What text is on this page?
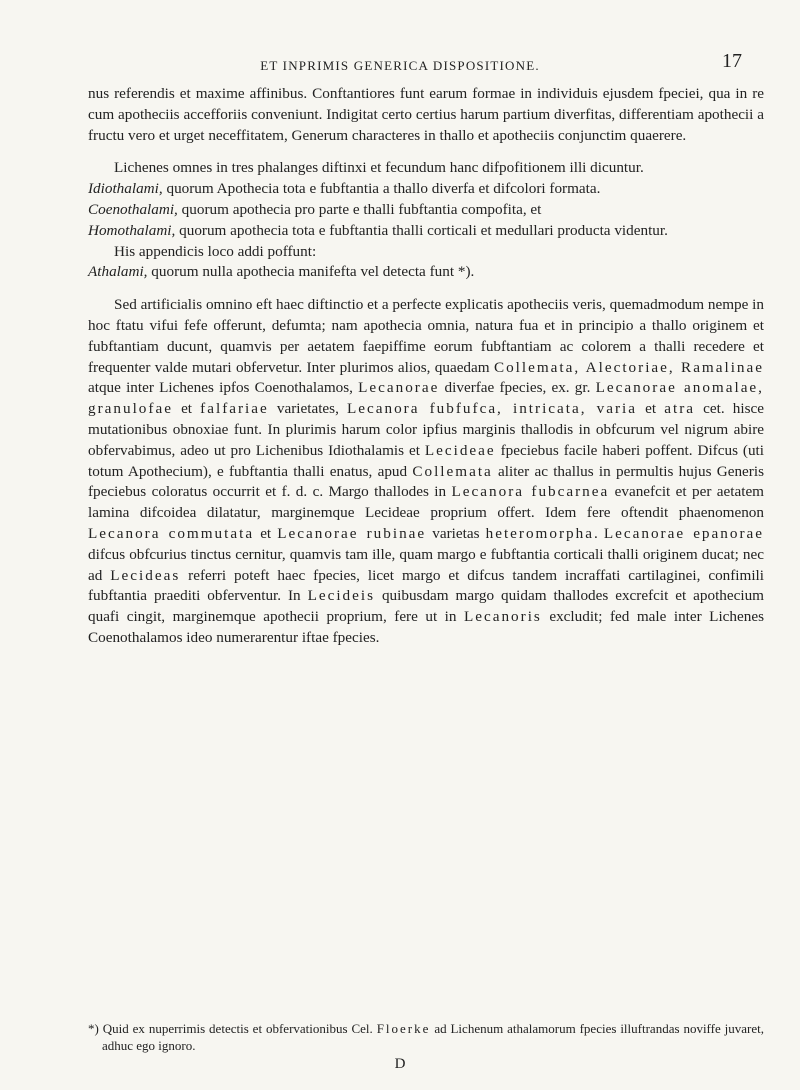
ET INPRIMIS GENERICA DISPOSITIONE.	17

nus referendis et maxime affinibus. Conftantiores funt earum formae in individuis ejusdem fpeciei, qua in re cum apotheciis accefforiis conveniunt. Indigitat certo certius harum partium diverfitas, differentiam apothecii a fructu vero et urget neceffitatem, Generum characteres in thallo et apotheciis conjunctim quaerere.

Lichenes omnes in tres phalanges diftinxi et fecundum hanc difpofitionem illi dicuntur.

Idiothalami, quorum Apothecia tota e fubftantia a thallo diverfa et difcolori formata.

Coenothalami, quorum apothecia pro parte e thalli fubftantia compofita, et

Homothalami, quorum apothecia tota e fubftantia thalli corticali et medullari producta videntur.

His appendicis loco addi poffunt:

Athalami, quorum nulla apothecia manifefta vel detecta funt *).

Sed artificialis omnino eft haec diftinctio et a perfecte explicatis apotheciis veris, quemadmodum nempe in hoc ftatu vifui fefe offerunt, defumta; nam apothecia omnia, natura fua et in principio a thallo originem et fubftantiam ducunt, quamvis per aetatem faepiffime eorum fubftantiam ac colorem a thalli recedere et frequenter valde mutari obfervetur. Inter plurimos alios, quaedam Collemata, Alectoriae, Ramalinae atque inter Lichenes ipfos Coenothalamos, Lecanorae diverfae fpecies, ex. gr. Lecanorae anomalae, granulofae et falfariae varietates, Lecanora fubfufca, intricata, varia et atra cet. hisce mutationibus obnoxiae funt. In plurimis harum color ipfius marginis thallodis in obfcurum vel nigrum abire obfervabimus, adeo ut pro Lichenibus Idiothalamis et Lecideae fpeciebus facile haberi poffent. Difcus (uti totum Apothecium), e fubftantia thalli enatus, apud Collemata aliter ac thallus in permultis hujus Generis fpeciebus coloratus occurrit et f. d. c. Margo thallodes in Lecanora fubcarnea evanefcit et per aetatem lamina difcoidea dilatatur, marginemque Lecideae proprium offert. Idem fere oftendit phaenomenon Lecanora commutata et Lecanorae rubinae varietas heteromorpha. Lecanorae epanorae difcus obfcurius tinctus cernitur, quamvis tam ille, quam margo e fubftantia corticali thalli originem ducat; nec ad Lecideas referri poteft haec fpecies, licet margo et difcus tandem incraffati cartilaginei, confimili fubftantia praediti obferventur. In Lecideis quibusdam margo quidam thallodes excrefcit et apothecium quafi cingit, marginemque apothecii proprium, fere ut in Lecanoris excludit; fed male inter Lichenes Coenothalamos ideo numerarentur iftae fpecies.

*) Quid ex nuperrimis detectis et obfervationibus Cel. Floerke ad Lichenum athalamorum fpecies illuftrandas noviffe juvaret, adhuc ego ignoro.

D
